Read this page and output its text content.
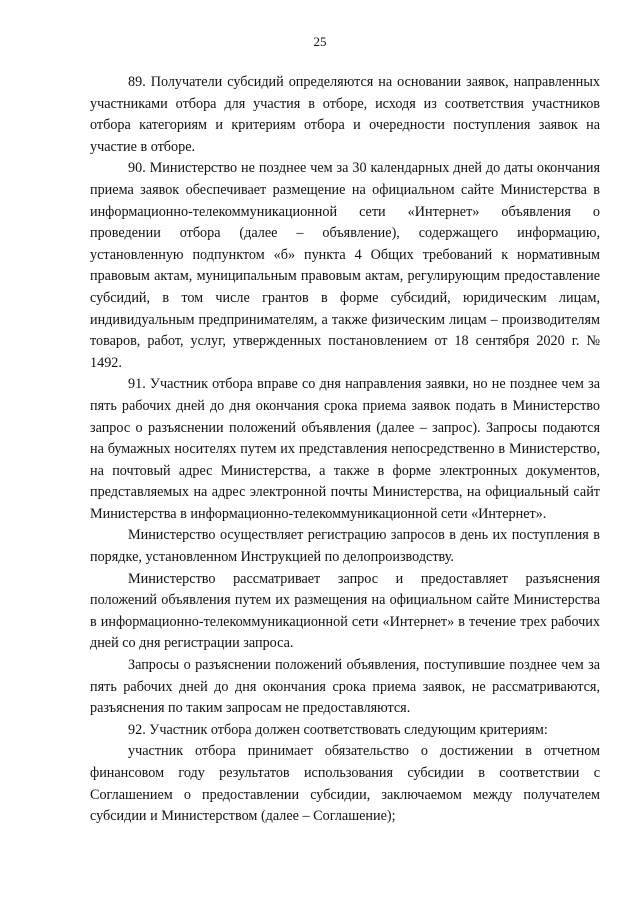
25

89. Получатели субсидий определяются на основании заявок, направленных участниками отбора для участия в отборе, исходя из соответствия участников отбора категориям и критериям отбора и очередности поступления заявок на участие в отборе.

90. Министерство не позднее чем за 30 календарных дней до даты окончания приема заявок обеспечивает размещение на официальном сайте Министерства в информационно-телекоммуникационной сети «Интернет» объявления о проведении отбора (далее – объявление), содержащего информацию, установленную подпунктом «б» пункта 4 Общих требований к нормативным правовым актам, муниципальным правовым актам, регулирующим предоставление субсидий, в том числе грантов в форме субсидий, юридическим лицам, индивидуальным предпринимателям, а также физическим лицам – производителям товаров, работ, услуг, утвержденных постановлением от 18 сентября 2020 г. № 1492.

91. Участник отбора вправе со дня направления заявки, но не позднее чем за пять рабочих дней до дня окончания срока приема заявок подать в Министерство запрос о разъяснении положений объявления (далее – запрос). Запросы подаются на бумажных носителях путем их представления непосредственно в Министерство, на почтовый адрес Министерства, а также в форме электронных документов, представляемых на адрес электронной почты Министерства, на официальный сайт Министерства в информационно-телекоммуникационной сети «Интернет».

Министерство осуществляет регистрацию запросов в день их поступления в порядке, установленном Инструкцией по делопроизводству.

Министерство рассматривает запрос и предоставляет разъяснения положений объявления путем их размещения на официальном сайте Министерства в информационно-телекоммуникационной сети «Интернет» в течение трех рабочих дней со дня регистрации запроса.

Запросы о разъяснении положений объявления, поступившие позднее чем за пять рабочих дней до дня окончания срока приема заявок, не рассматриваются, разъяснения по таким запросам не предоставляются.

92. Участник отбора должен соответствовать следующим критериям:

участник отбора принимает обязательство о достижении в отчетном финансовом году результатов использования субсидии в соответствии с Соглашением о предоставлении субсидии, заключаемом между получателем субсидии и Министерством (далее – Соглашение);
